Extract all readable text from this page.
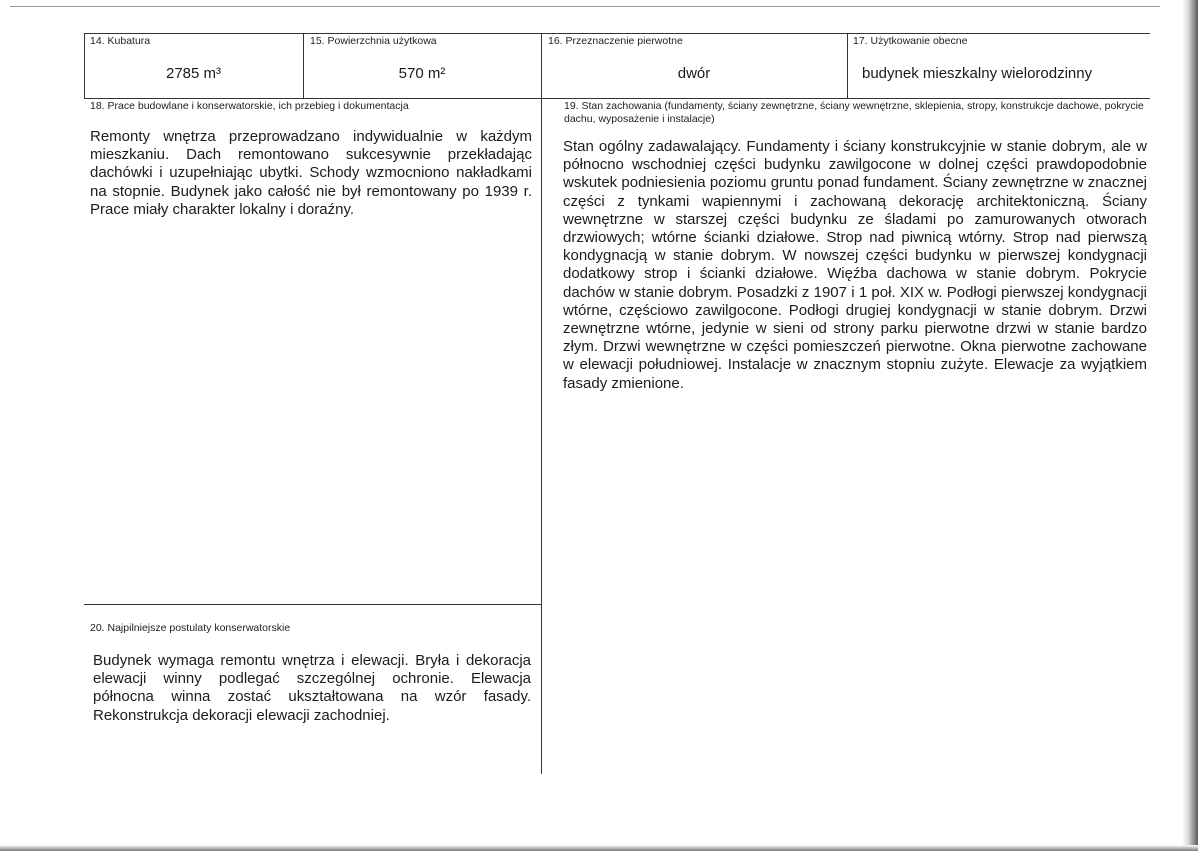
14. Kubatura
2785 m³
15. Powierzchnia użytkowa
570 m²
16. Przeznaczenie pierwotne
dwór
17. Użytkowanie obecne
budynek mieszkalny wielorodzinny
18. Prace budowlane i konserwatorskie, ich przebieg i dokumentacja

Remonty wnętrza przeprowadzano indywidualnie w każdym mieszkaniu. Dach remontowano sukcesywnie przekładając dachówki i uzupełniając ubytki. Schody wzmocniono nakładkami na stopnie. Budynek jako całość nie był remontowany po 1939 r. Prace miały charakter lokalny i doraźny.

19. Stan zachowania (fundamenty, ściany zewnętrzne, ściany wewnętrzne, sklepienia, stropy, konstrukcje dachowe, pokrycie dachu, wyposażenie i instalacje)

Stan ogólny zadawalający. Fundamenty i ściany konstrukcyjnie w stanie dobrym, ale w północno wschodniej części budynku zawilgocone w dolnej części prawdopodobnie wskutek podniesienia poziomu gruntu ponad fundament. Ściany zewnętrzne w znacznej części z tynkami wapiennymi i zachowaną dekorację architektoniczną. Ściany wewnętrzne w starszej części budynku ze śladami po zamurowanych otworach drzwiowych; wtórne ścianki działowe. Strop nad piwnicą wtórny. Strop nad pierwszą kondygnacją w stanie dobrym. W nowszej części budynku w pierwszej kondygnacji dodatkowy strop i ścianki działowe. Więźba dachowa w stanie dobrym. Pokrycie dachów w stanie dobrym. Posadzki z 1907 i 1 poł. XIX w. Podłogi pierwszej kondygnacji wtórne, częściowo zawilgocone. Podłogi drugiej kondygnacji w stanie dobrym. Drzwi zewnętrzne wtórne, jedynie w sieni od strony parku pierwotne drzwi w stanie bardzo złym. Drzwi wewnętrzne w części pomieszczeń pierwotne. Okna pierwotne zachowane w elewacji południowej. Instalacje w znacznym stopniu zużyte. Elewacje za wyjątkiem fasady zmienione.

20. Najpilniejsze postulaty konserwatorskie

Budynek wymaga remontu wnętrza i elewacji. Bryła i dekoracja elewacji winny podlegać szczególnej ochronie. Elewacja północna winna zostać ukształtowana na wzór fasady. Rekonstrukcja dekoracji elewacji zachodniej.
